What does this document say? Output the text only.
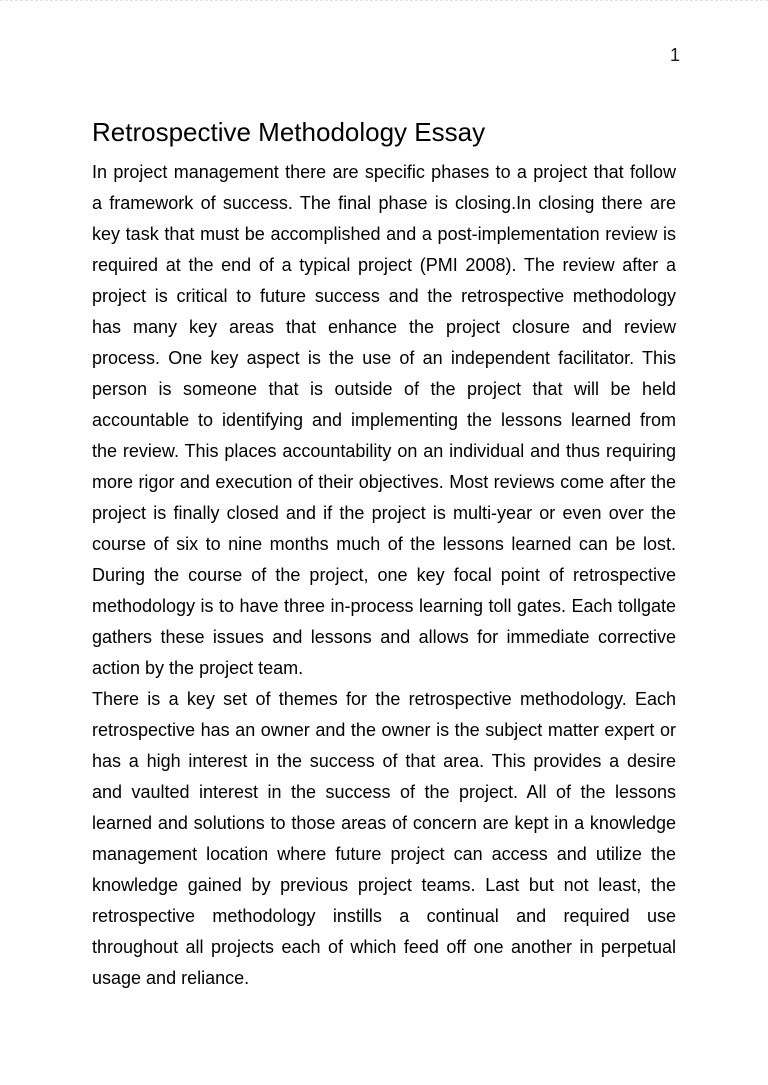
1
Retrospective Methodology Essay
In project management there are specific phases to a project that follow
a framework of success. The final phase is closing.In closing there are
key task that must be accomplished and a post-implementation review is
required at the end of a typical project (PMI 2008). The review after a
project is critical to future success and the retrospective methodology
has many key areas that enhance the project closure and review
process. One key aspect is the use of an independent facilitator. This
person is someone that is outside of the project that will be held
accountable to identifying and implementing the lessons learned from
the review. This places accountability on an individual and thus requiring
more rigor and execution of their objectives. Most reviews come after the
project is finally closed and if the project is multi-year or even over the
course of six to nine months much of the lessons learned can be lost.
During the course of the project, one key focal point of retrospective
methodology is to have three in-process learning toll gates. Each tollgate
gathers these issues and lessons and allows for immediate corrective
action by the project team.
There is a key set of themes for the retrospective methodology. Each
retrospective has an owner and the owner is the subject matter expert or
has a high interest in the success of that area. This provides a desire
and vaulted interest in the success of the project. All of the lessons
learned and solutions to those areas of concern are kept in a knowledge
management location where future project can access and utilize the
knowledge gained by previous project teams. Last but not least, the
retrospective methodology instills a continual and required use
throughout all projects each of which feed off one another in perpetual
usage and reliance.
